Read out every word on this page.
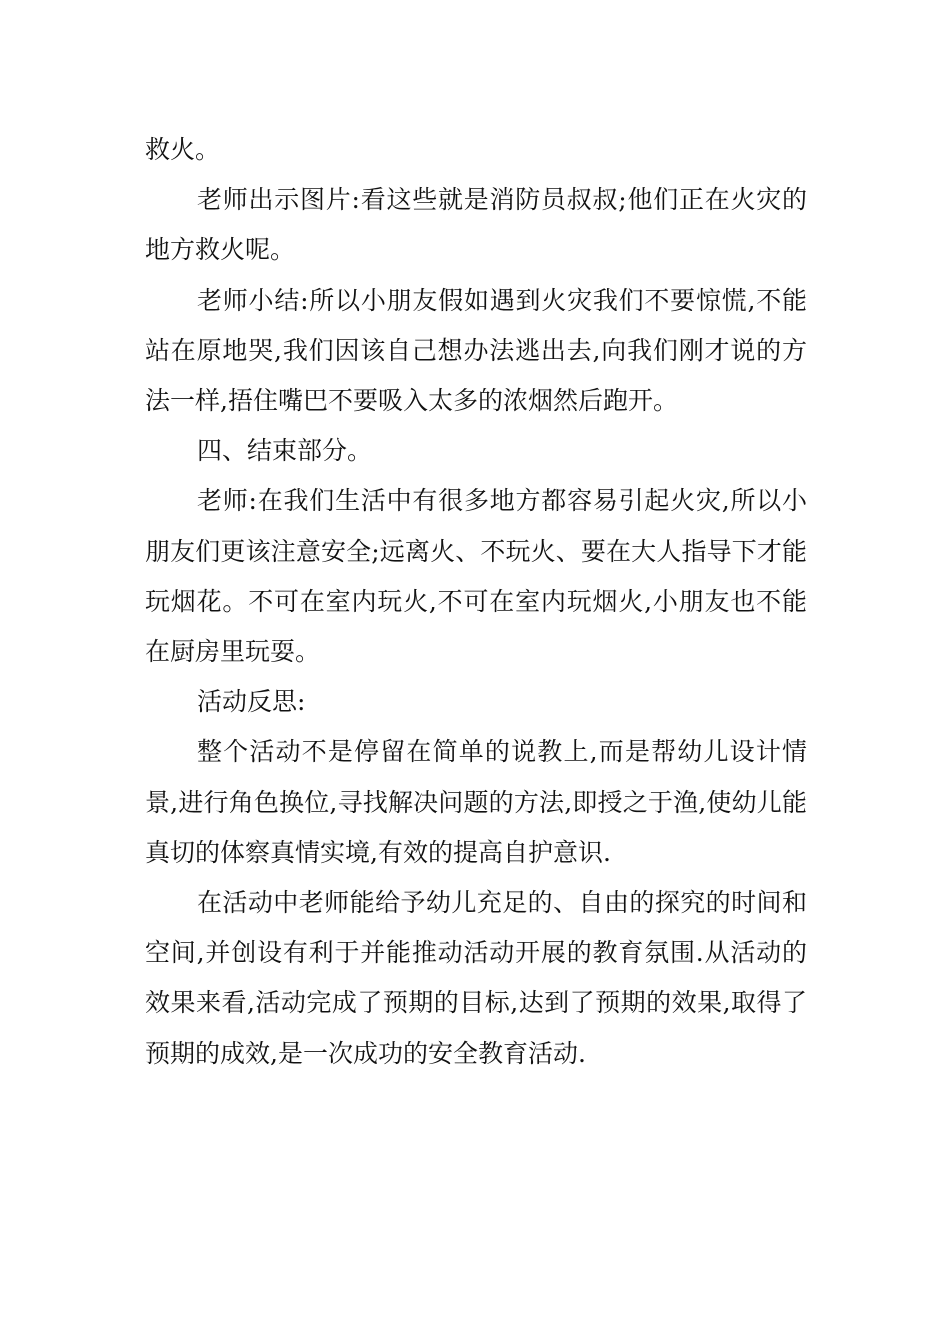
救火。

老师出示图片:看这些就是消防员叔叔;他们正在火灾的地方救火呢。

老师小结:所以小朋友假如遇到火灾我们不要惊慌,不能站在原地哭,我们因该自己想办法逃出去,向我们刚才说的方法一样,捂住嘴巴不要吸入太多的浓烟然后跑开。

四、结束部分。

老师:在我们生活中有很多地方都容易引起火灾,所以小朋友们更该注意安全;远离火、不玩火、要在大人指导下才能玩烟花。不可在室内玩火,不可在室内玩烟火,小朋友也不能在厨房里玩耍。

活动反思:

整个活动不是停留在简单的说教上,而是帮幼儿设计情景,进行角色换位,寻找解决问题的方法,即授之于渔,使幼儿能真切的体察真情实境,有效的提高自护意识.

在活动中老师能给予幼儿充足的、自由的探究的时间和空间,并创设有利于并能推动活动开展的教育氛围.从活动的效果来看,活动完成了预期的目标,达到了预期的效果,取得了预期的成效,是一次成功的安全教育活动.
